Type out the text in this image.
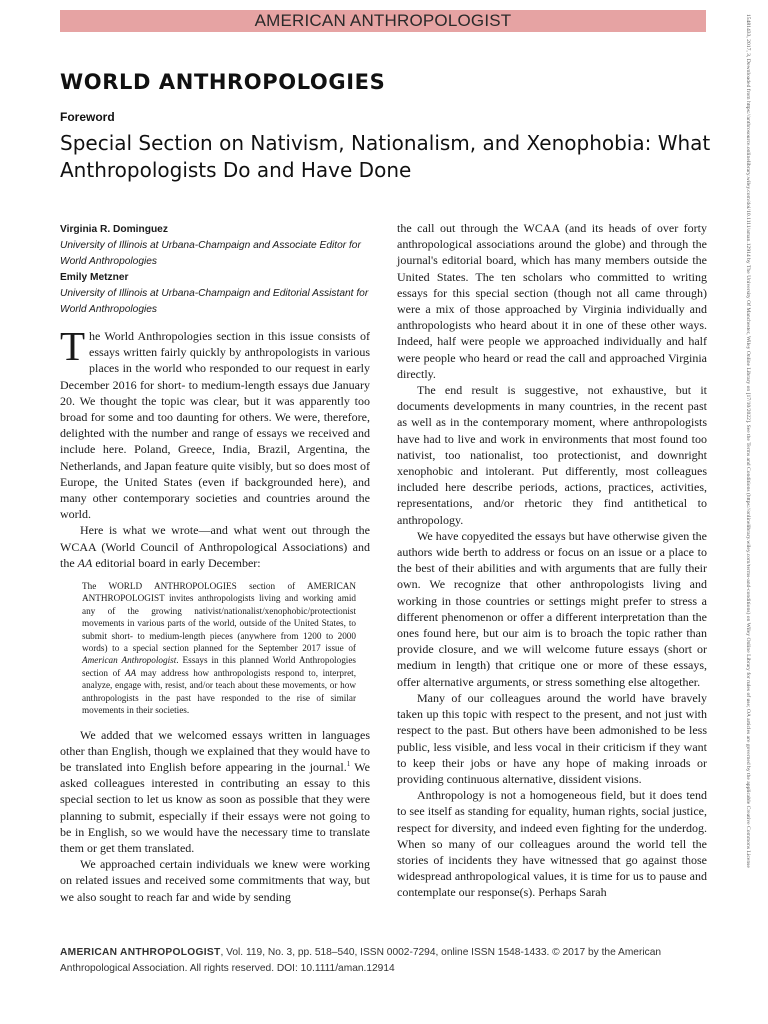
AMERICAN ANTHROPOLOGIST
WORLD ANTHROPOLOGIES
Foreword
Special Section on Nativism, Nationalism, and Xenophobia: What Anthropologists Do and Have Done
Virginia R. Dominguez
University of Illinois at Urbana-Champaign and Associate Editor for World Anthropologies
Emily Metzner
University of Illinois at Urbana-Champaign and Editorial Assistant for World Anthropologies

The World Anthropologies section in this issue consists of essays written fairly quickly by anthropologists in various places in the world who responded to our request in early December 2016 for short- to medium-length essays due January 20. We thought the topic was clear, but it was apparently too broad for some and too daunting for others. We were, therefore, delighted with the number and range of essays we received and include here. Poland, Greece, India, Brazil, Argentina, the Netherlands, and Japan feature quite visibly, but so does most of Europe, the United States (even if backgrounded here), and many other contemporary societies and countries around the world.

Here is what we wrote—and what went out through the WCAA (World Council of Anthropological Associations) and the AA editorial board in early December:

The WORLD ANTHROPOLOGIES section of AMERICAN ANTHROPOLOGIST invites anthropologists living and working amid any of the growing nativist/nationalist/xenophobic/protectionist movements in various parts of the world, outside of the United States, to submit short- to medium-length pieces (anywhere from 1200 to 2000 words) to a special section planned for the September 2017 issue of American Anthropologist. Essays in this planned World Anthropologies section of AA may address how anthropologists respond to, interpret, analyze, engage with, resist, and/or teach about these movements, or how anthropologists in the past have responded to the rise of similar movements in their societies.

We added that we welcomed essays written in languages other than English, though we explained that they would have to be translated into English before appearing in the journal.$^1$ We asked colleagues interested in contributing an essay to this special section to let us know as soon as possible that they were planning to submit, especially if their essays were not going to be in English, so we would have the necessary time to translate them or get them translated.

We approached certain individuals we knew were working on related issues and received some commitments that way, but we also sought to reach far and wide by sending

the call out through the WCAA (and its heads of over forty anthropological associations around the globe) and through the journal's editorial board, which has many members outside the United States. The ten scholars who committed to writing essays for this special section (though not all came through) were a mix of those approached by Virginia individually and anthropologists who heard about it in one of these other ways. Indeed, half were people we approached individually and half were people who heard or read the call and approached Virginia directly.

The end result is suggestive, not exhaustive, but it documents developments in many countries, in the recent past as well as in the contemporary moment, where anthropologists have had to live and work in environments that most found too nativist, too nationalist, too protectionist, and downright xenophobic and intolerant. Put differently, most colleagues included here describe periods, actions, practices, activities, representations, and/or rhetoric they find antithetical to anthropology.

We have copyedited the essays but have otherwise given the authors wide berth to address or focus on an issue or a place to the best of their abilities and with arguments that are fully their own. We recognize that other anthropologists living and working in those countries or settings might prefer to stress a different phenomenon or offer a different interpretation than the ones found here, but our aim is to broach the topic rather than provide closure, and we will welcome future essays (short or medium in length) that critique one or more of these essays, offer alternative arguments, or stress something else altogether.

Many of our colleagues around the world have bravely taken up this topic with respect to the present, and not just with respect to the past. But others have been admonished to be less public, less visible, and less vocal in their criticism if they want to keep their jobs or have any hope of making inroads or providing continuous alternative, dissident visions.

Anthropology is not a homogeneous field, but it does tend to see itself as standing for equality, human rights, social justice, respect for diversity, and indeed even fighting for the underdog. When so many of our colleagues around the world tell the stories of incidents they have witnessed that go against those widespread anthropological values, it is time for us to pause and contemplate our response(s). Perhaps Sarah

AMERICAN ANTHROPOLOGIST, Vol. 119, No. 3, pp. 518–540, ISSN 0002-7294, online ISSN 1548-1433. © 2017 by the American Anthropological Association. All rights reserved. DOI: 10.1111/aman.12914
15481433, 2017, 3, Downloaded from https://anthrosource.onlinelibrary.wiley.com/doi/10.1111/aman.12914 by The University Of Manchester, Wiley Online Library on [17/10/2022]. See the Terms and Conditions (https://onlinelibrary.wiley.com/terms-and-conditions) on Wiley Online Library for rules of use; OA articles are governed by the applicable Creative Commons License
